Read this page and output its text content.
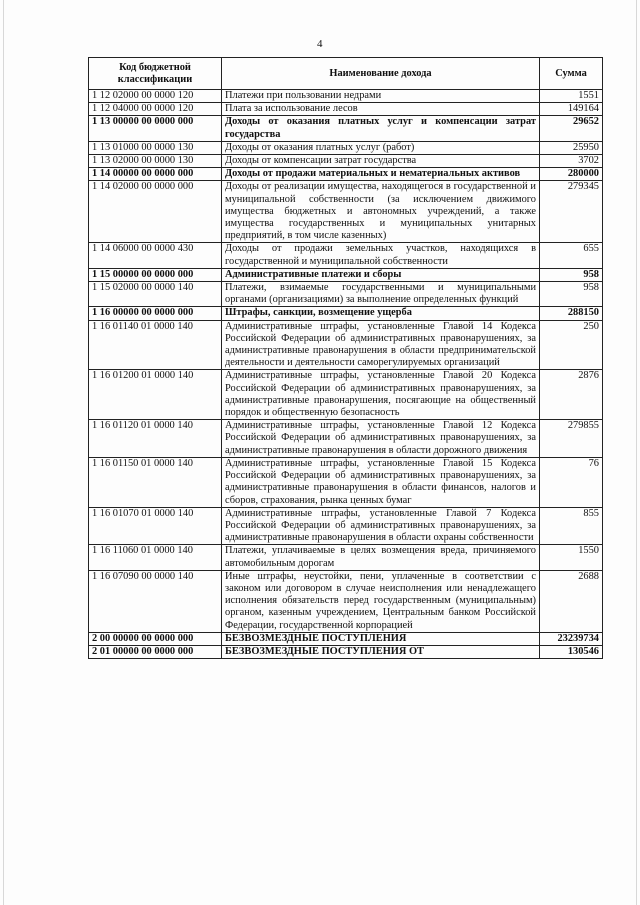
4
Код бюджетной классификации	Наименование дохода	Сумма
1 12 02000 00 0000 120	Платежи при пользовании недрами	1551
1 12 04000 00 0000 120	Плата за использование лесов	149164
1 13 00000 00 0000 000	Доходы от оказания платных услуг и компенсации затрат государства	29652
1 13 01000 00 0000 130	Доходы от оказания платных услуг (работ)	25950
1 13 02000 00 0000 130	Доходы от компенсации затрат государства	3702
1 14 00000 00 0000 000	Доходы от продажи материальных и нематериальных активов	280000
1 14 02000 00 0000 000	Доходы от реализации имущества, находящегося в государственной и муниципальной собственности (за исключением движимого имущества бюджетных и автономных учреждений, а также имущества государственных и муниципальных унитарных предприятий, в том числе казенных)	279345
1 14 06000 00 0000 430	Доходы от продажи земельных участков, находящихся в государственной и муниципальной собственности	655
1 15 00000 00 0000 000	Административные платежи и сборы	958
1 15 02000 00 0000 140	Платежи, взимаемые государственными и муниципальными органами (организациями) за выполнение определенных функций	958
1 16 00000 00 0000 000	Штрафы, санкции, возмещение ущерба	288150
1 16 01140 01 0000 140	Административные штрафы, установленные Главой 14 Кодекса Российской Федерации об административных правонарушениях, за административные правонарушения в области предпринимательской деятельности и деятельности саморегулируемых организаций	250
1 16 01200 01 0000 140	Административные штрафы, установленные Главой 20 Кодекса Российской Федерации об административных правонарушениях, за административные правонарушения, посягающие на общественный порядок и общественную безопасность	2876
1 16 01120 01 0000 140	Административные штрафы, установленные Главой 12 Кодекса Российской Федерации об административных правонарушениях, за административные правонарушения в области дорожного движения	279855
1 16 01150 01 0000 140	Административные штрафы, установленные Главой 15 Кодекса Российской Федерации об административных правонарушениях, за административные правонарушения в области финансов, налогов и сборов, страхования, рынка ценных бумаг	76
1 16 01070 01 0000 140	Административные штрафы, установленные Главой 7 Кодекса Российской Федерации об административных правонарушениях, за административные правонарушения в области охраны собственности	855
1 16 11060 01 0000 140	Платежи, уплачиваемые в целях возмещения вреда, причиняемого автомобильным дорогам	1550
1 16 07090 00 0000 140	Иные штрафы, неустойки, пени, уплаченные в соответствии с законом или договором в случае неисполнения или ненадлежащего исполнения обязательств перед государственным (муниципальным) органом, казенным учреждением, Центральным банком Российской Федерации, государственной корпорацией	2688
2 00 00000 00 0000 000	БЕЗВОЗМЕЗДНЫЕ ПОСТУПЛЕНИЯ	23239734
2 01 00000 00 0000 000	БЕЗВОЗМЕЗДНЫЕ ПОСТУПЛЕНИЯ ОТ	130546
